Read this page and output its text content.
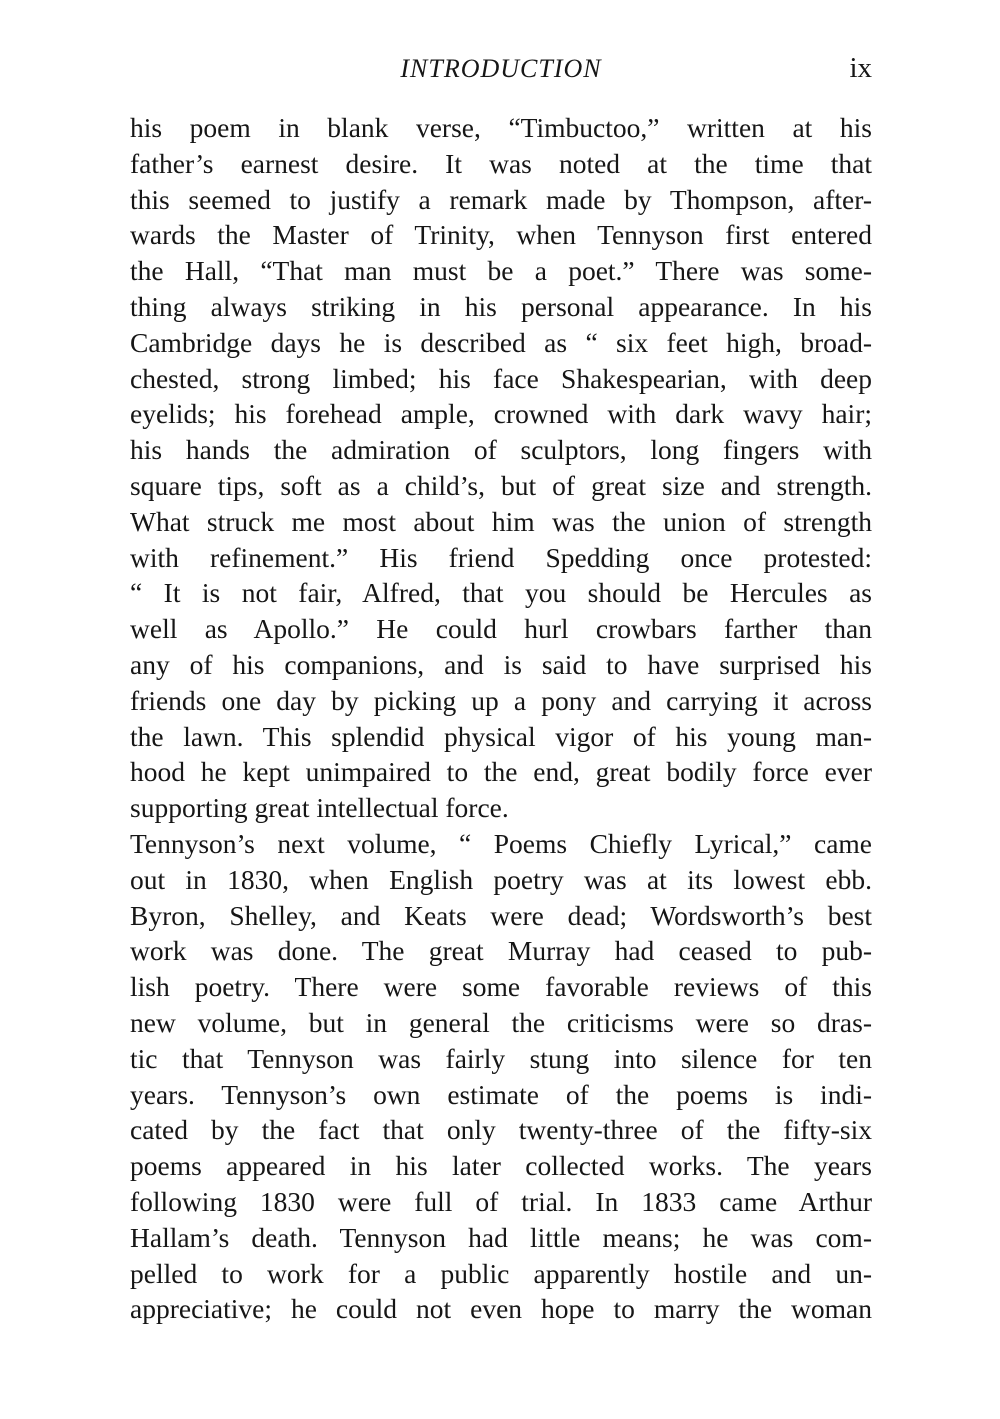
INTRODUCTION	ix
his poem in blank verse, “Timbuctoo,” written at his
father’s earnest desire. It was noted at the time that
this seemed to justify a remark made by Thompson, after-
wards the Master of Trinity, when Tennyson first entered
the Hall, “That man must be a poet.” There was some-
thing always striking in his personal appearance. In his
Cambridge days he is described as “ six feet high, broad-
chested, strong limbed; his face Shakespearian, with deep
eyelids; his forehead ample, crowned with dark wavy hair;
his hands the admiration of sculptors, long fingers with
square tips, soft as a child’s, but of great size and strength.
What struck me most about him was the union of strength
with refinement.” His friend Spedding once protested:
“ It is not fair, Alfred, that you should be Hercules as
well as Apollo.” He could hurl crowbars farther than
any of his companions, and is said to have surprised his
friends one day by picking up a pony and carrying it across
the lawn. This splendid physical vigor of his young man-
hood he kept unimpaired to the end, great bodily force ever
supporting great intellectual force.
Tennyson’s next volume, “ Poems Chiefly Lyrical,” came
out in 1830, when English poetry was at its lowest ebb.
Byron, Shelley, and Keats were dead; Wordsworth’s best
work was done. The great Murray had ceased to pub-
lish poetry. There were some favorable reviews of this
new volume, but in general the criticisms were so dras-
tic that Tennyson was fairly stung into silence for ten
years. Tennyson’s own estimate of the poems is indi-
cated by the fact that only twenty-three of the fifty-six
poems appeared in his later collected works. The years
following 1830 were full of trial. In 1833 came Arthur
Hallam’s death. Tennyson had little means; he was com-
pelled to work for a public apparently hostile and un-
appreciative; he could not even hope to marry the woman
